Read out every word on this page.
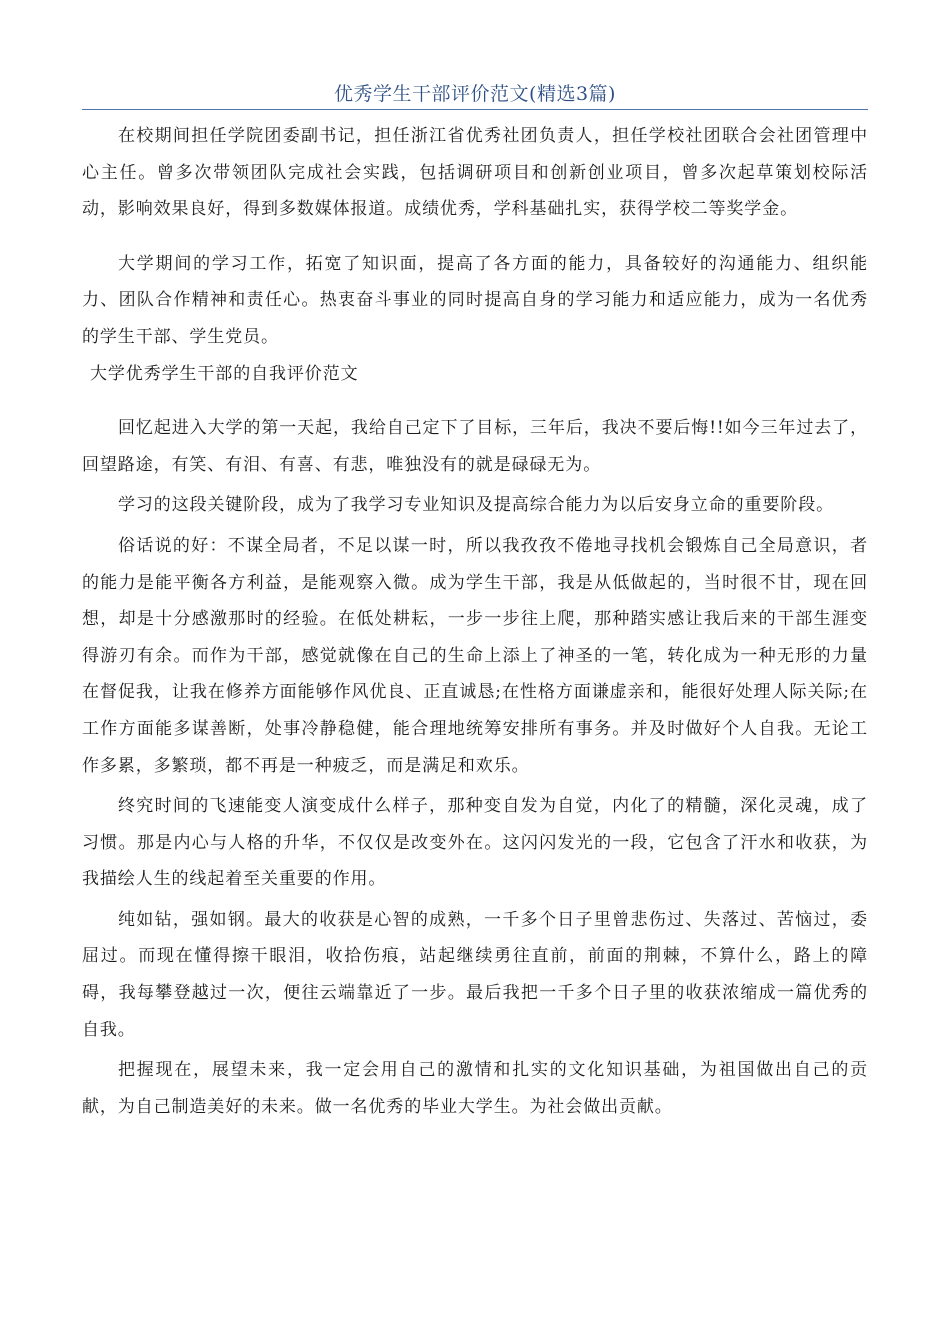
优秀学生干部评价范文(精选3篇)

在校期间担任学院团委副书记，担任浙江省优秀社团负责人，担任学校社团联合会社团管理中心主任。曾多次带领团队完成社会实践，包括调研项目和创新创业项目，曾多次起草策划校际活动，影响效果良好，得到多数媒体报道。成绩优秀，学科基础扎实，获得学校二等奖学金。

大学期间的学习工作，拓宽了知识面，提高了各方面的能力，具备较好的沟通能力、组织能力、团队合作精神和责任心。热衷奋斗事业的同时提高自身的学习能力和适应能力，成为一名优秀的学生干部、学生党员。

大学优秀学生干部的自我评价范文

回忆起进入大学的第一天起，我给自己定下了目标，三年后，我决不要后悔!!如今三年过去了，回望路途，有笑、有泪、有喜、有悲，唯独没有的就是碌碌无为。

学习的这段关键阶段，成为了我学习专业知识及提高综合能力为以后安身立命的重要阶段。

俗话说的好：不谋全局者，不足以谋一时，所以我孜孜不倦地寻找机会锻炼自己全局意识，者的能力是能平衡各方利益，是能观察入微。成为学生干部，我是从低做起的，当时很不甘，现在回想，却是十分感激那时的经验。在低处耕耘，一步一步往上爬，那种踏实感让我后来的干部生涯变得游刃有余。而作为干部，感觉就像在自己的生命上添上了神圣的一笔，转化成为一种无形的力量在督促我，让我在修养方面能够作风优良、正直诚恳;在性格方面谦虚亲和，能很好处理人际关际;在工作方面能多谋善断，处事冷静稳健，能合理地统筹安排所有事务。并及时做好个人自我。无论工作多累，多繁琐，都不再是一种疲乏，而是满足和欢乐。

终究时间的飞速能变人演变成什么样子，那种变自发为自觉，内化了的精髓，深化灵魂，成了习惯。那是内心与人格的升华，不仅仅是改变外在。这闪闪发光的一段，它包含了汗水和收获，为我描绘人生的线起着至关重要的作用。

纯如钻，强如钢。最大的收获是心智的成熟，一千多个日子里曾悲伤过、失落过、苦恼过，委屈过。而现在懂得擦干眼泪，收拾伤痕，站起继续勇往直前，前面的荆棘，不算什么，路上的障碍，我每攀登越过一次，便往云端靠近了一步。最后我把一千多个日子里的收获浓缩成一篇优秀的自我。

把握现在，展望未来，我一定会用自己的激情和扎实的文化知识基础，为祖国做出自己的贡献，为自己制造美好的未来。做一名优秀的毕业大学生。为社会做出贡献。
